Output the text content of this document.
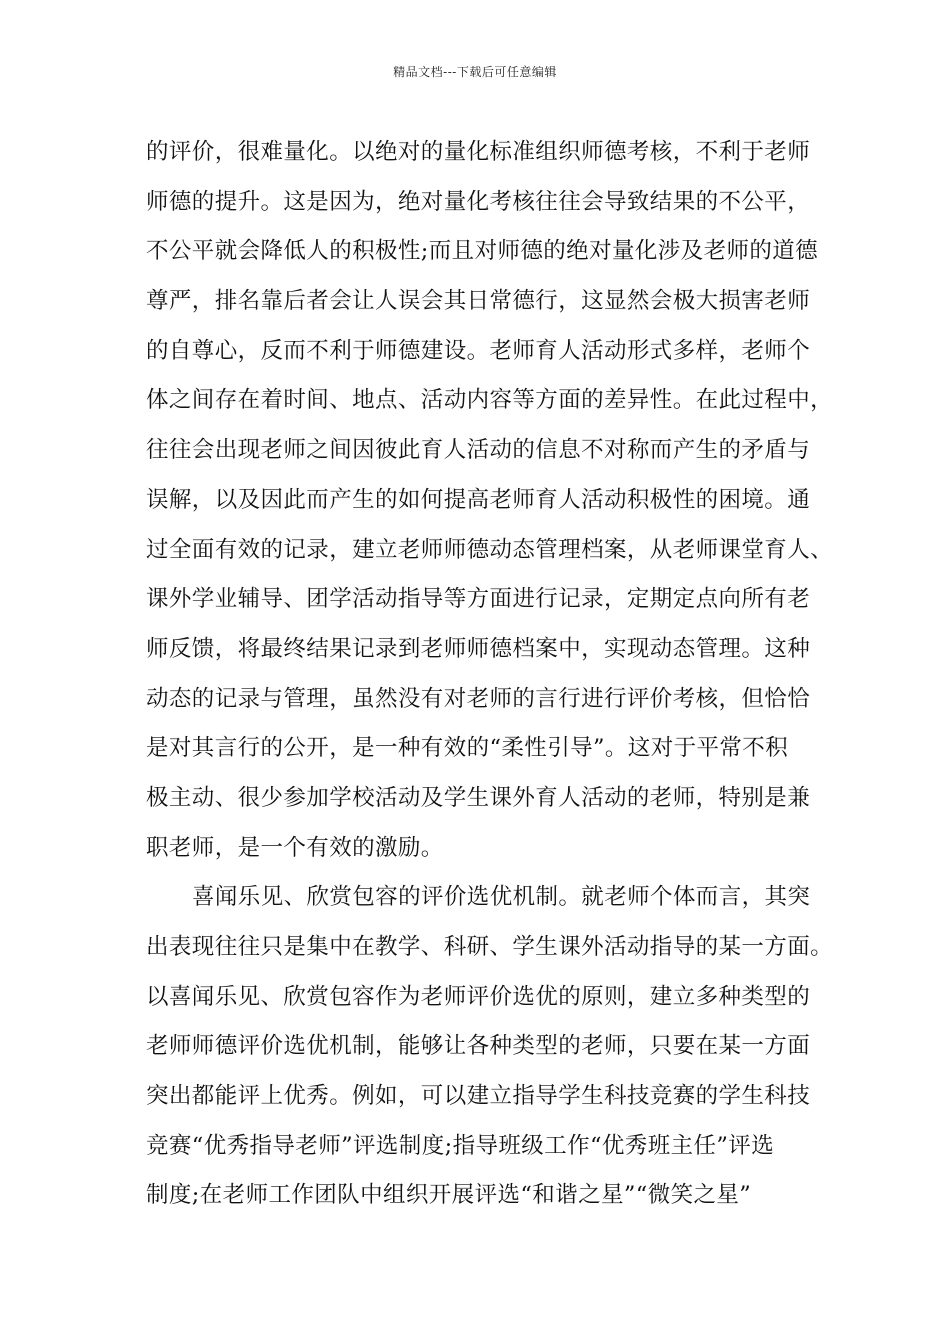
精品文档---下载后可任意编辑
的评价，很难量化。以绝对的量化标准组织师德考核，不利于老师
师德的提升。这是因为，绝对量化考核往往会导致结果的不公平，
不公平就会降低人的积极性;而且对师德的绝对量化涉及老师的道德
尊严，排名靠后者会让人误会其日常德行，这显然会极大损害老师
的自尊心，反而不利于师德建设。老师育人活动形式多样，老师个
体之间存在着时间、地点、活动内容等方面的差异性。在此过程中，
往往会出现老师之间因彼此育人活动的信息不对称而产生的矛盾与
误解，以及因此而产生的如何提高老师育人活动积极性的困境。通
过全面有效的记录，建立老师师德动态管理档案，从老师课堂育人、
课外学业辅导、团学活动指导等方面进行记录，定期定点向所有老
师反馈，将最终结果记录到老师师德档案中，实现动态管理。这种
动态的记录与管理，虽然没有对老师的言行进行评价考核，但恰恰
是对其言行的公开，是一种有效的“柔性引导”。这对于平常不积
极主动、很少参加学校活动及学生课外育人活动的老师，特别是兼
职老师，是一个有效的激励。
喜闻乐见、欣赏包容的评价选优机制。就老师个体而言，其突
出表现往往只是集中在教学、科研、学生课外活动指导的某一方面。
以喜闻乐见、欣赏包容作为老师评价选优的原则，建立多种类型的
老师师德评价选优机制，能够让各种类型的老师，只要在某一方面
突出都能评上优秀。例如，可以建立指导学生科技竞赛的学生科技
竞赛“优秀指导老师”评选制度;指导班级工作“优秀班主任”评选
制度;在老师工作团队中组织开展评选“和谐之星”“微笑之星”
